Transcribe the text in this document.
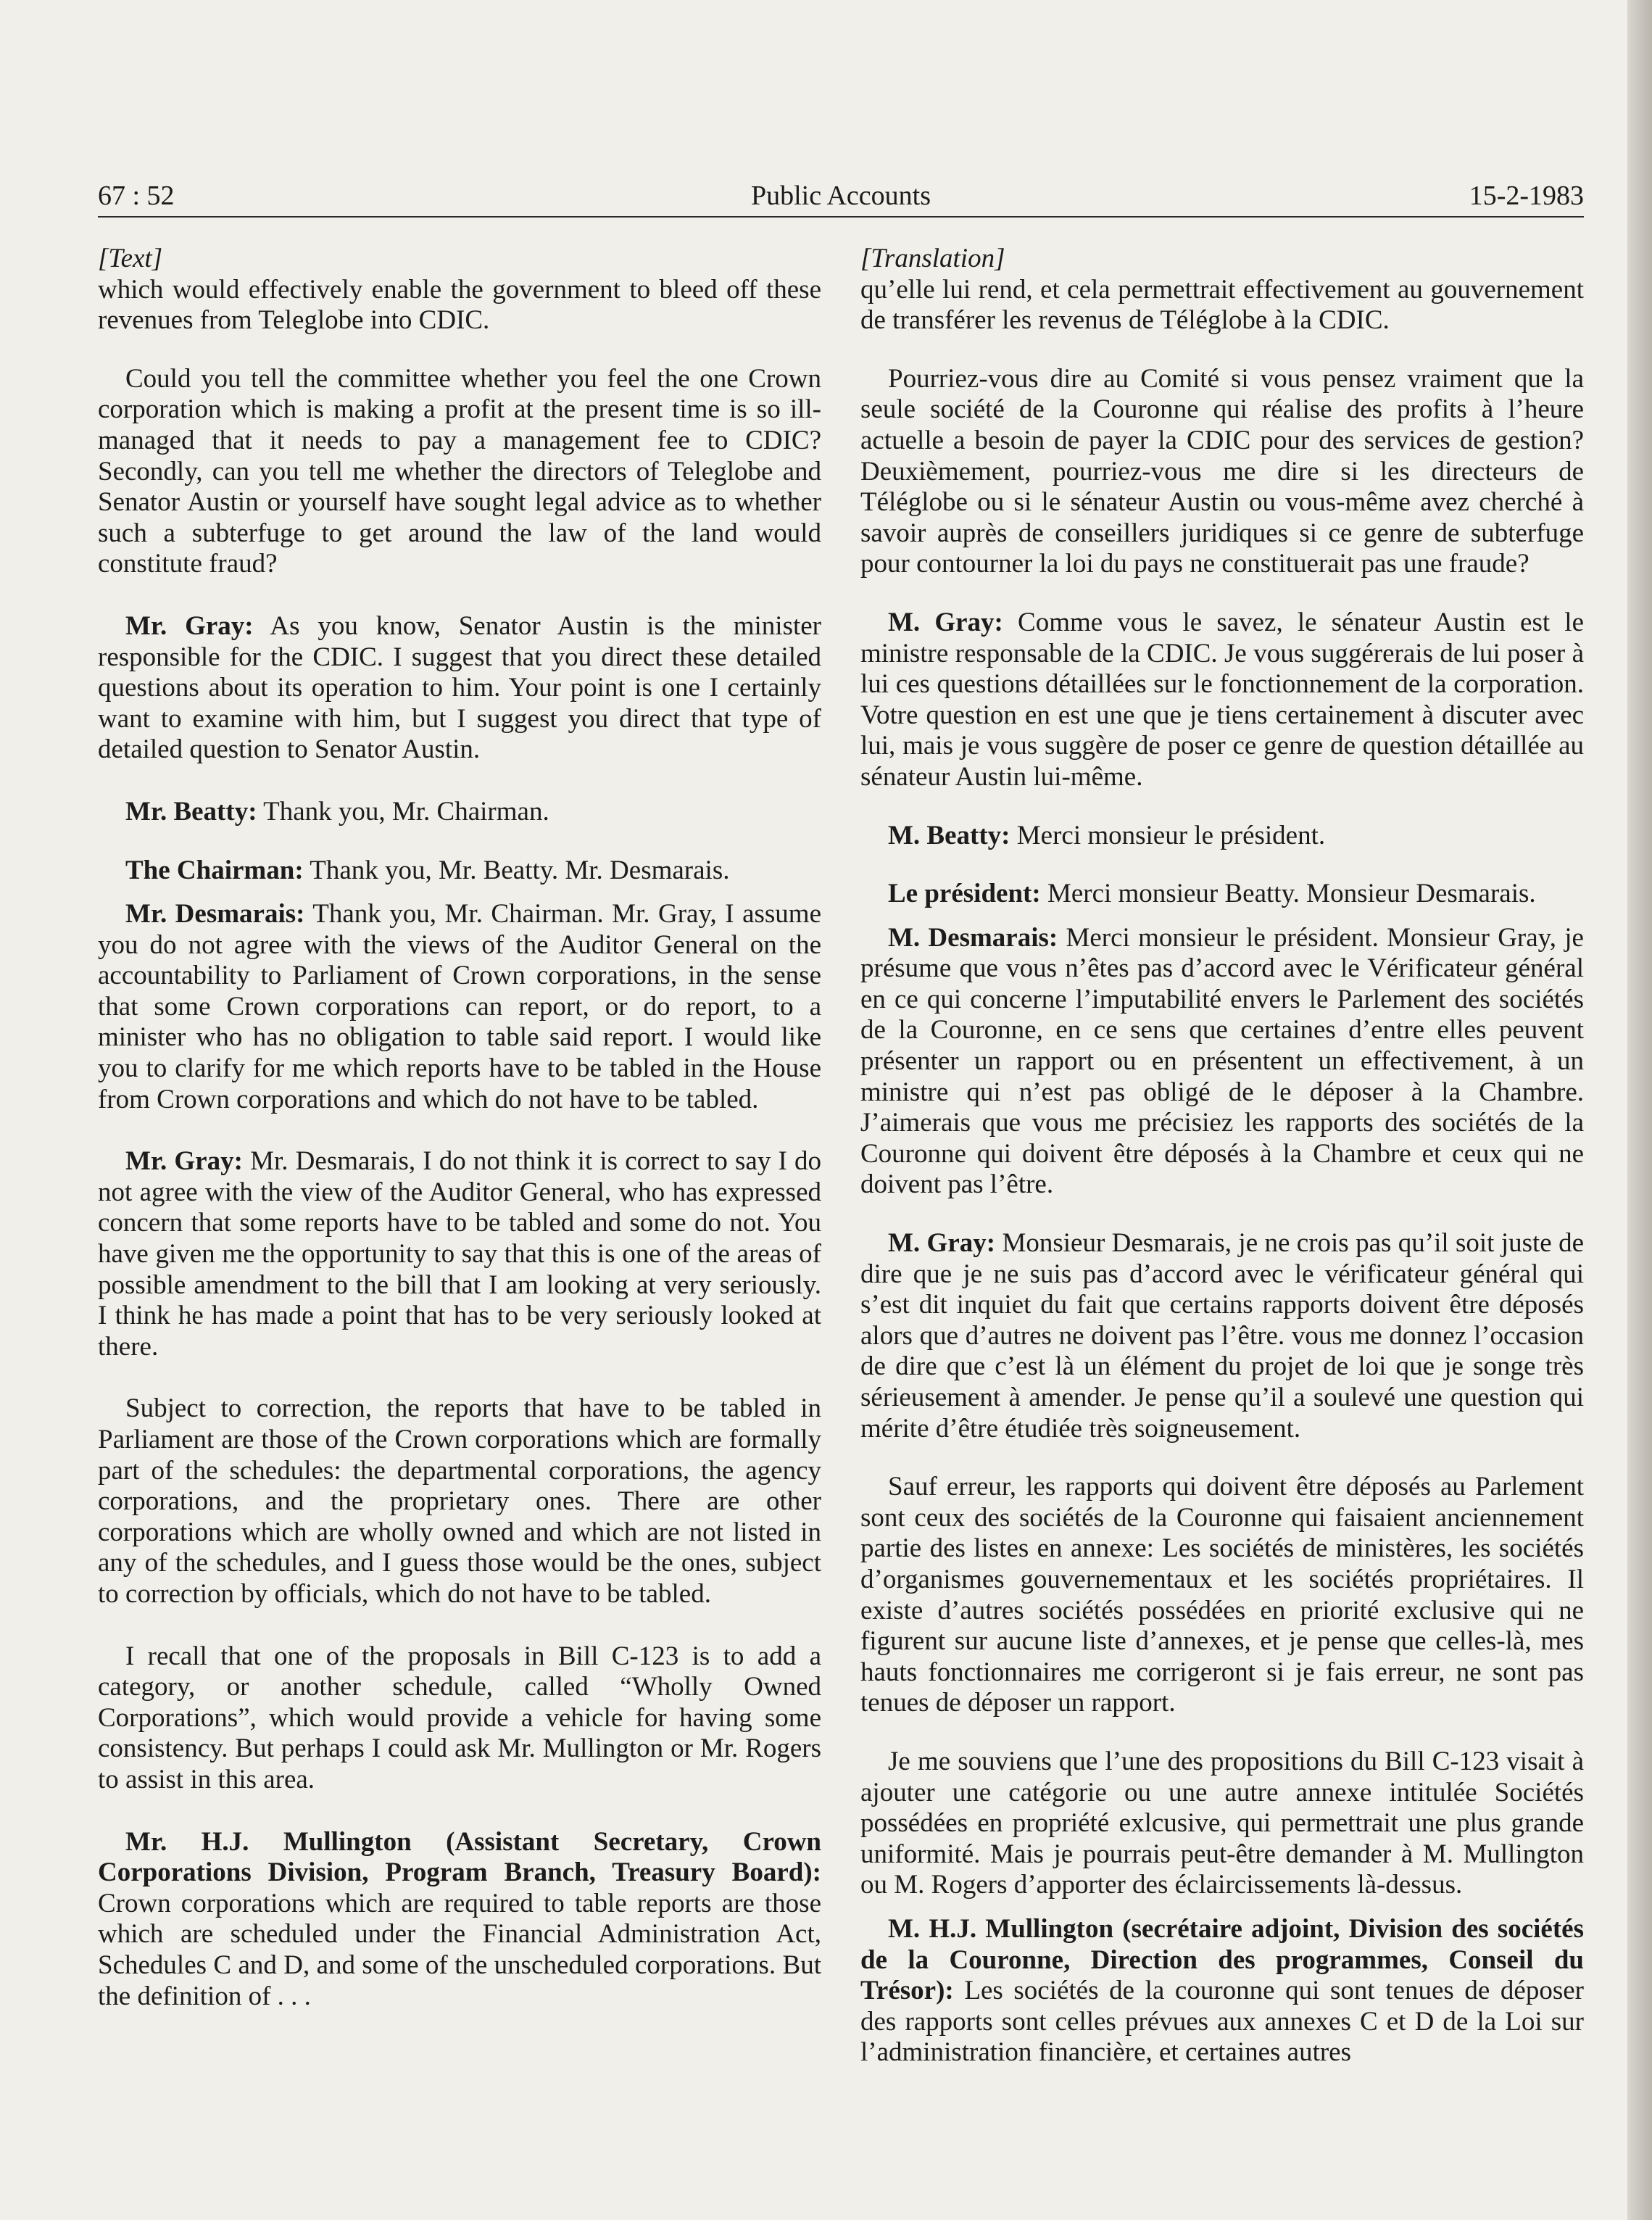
67 : 52	Public Accounts	15-2-1983

[Text]

which would effectively enable the government to bleed off these revenues from Teleglobe into CDIC.

Could you tell the committee whether you feel the one Crown corporation which is making a profit at the present time is so ill-managed that it needs to pay a management fee to CDIC? Secondly, can you tell me whether the directors of Teleglobe and Senator Austin or yourself have sought legal advice as to whether such a subterfuge to get around the law of the land would constitute fraud?

Mr. Gray: As you know, Senator Austin is the minister responsible for the CDIC. I suggest that you direct these detailed questions about its operation to him. Your point is one I certainly want to examine with him, but I suggest you direct that type of detailed question to Senator Austin.

Mr. Beatty: Thank you, Mr. Chairman.

The Chairman: Thank you, Mr. Beatty. Mr. Desmarais.

Mr. Desmarais: Thank you, Mr. Chairman. Mr. Gray, I assume you do not agree with the views of the Auditor General on the accountability to Parliament of Crown corporations, in the sense that some Crown corporations can report, or do report, to a minister who has no obligation to table said report. I would like you to clarify for me which reports have to be tabled in the House from Crown corporations and which do not have to be tabled.

Mr. Gray: Mr. Desmarais, I do not think it is correct to say I do not agree with the view of the Auditor General, who has expressed concern that some reports have to be tabled and some do not. You have given me the opportunity to say that this is one of the areas of possible amendment to the bill that I am looking at very seriously. I think he has made a point that has to be very seriously looked at there.

Subject to correction, the reports that have to be tabled in Parliament are those of the Crown corporations which are formally part of the schedules: the departmental corporations, the agency corporations, and the proprietary ones. There are other corporations which are wholly owned and which are not listed in any of the schedules, and I guess those would be the ones, subject to correction by officials, which do not have to be tabled.

I recall that one of the proposals in Bill C-123 is to add a category, or another schedule, called “Wholly Owned Corporations”, which would provide a vehicle for having some consistency. But perhaps I could ask Mr. Mullington or Mr. Rogers to assist in this area.

Mr. H.J. Mullington (Assistant Secretary, Crown Corporations Division, Program Branch, Treasury Board): Crown corporations which are required to table reports are those which are scheduled under the Financial Administration Act, Schedules C and D, and some of the unscheduled corporations. But the definition of . . .

[Translation]

qu’elle lui rend, et cela permettrait effectivement au gouvernement de transférer les revenus de Téléglobe à la CDIC.

Pourriez-vous dire au Comité si vous pensez vraiment que la seule société de la Couronne qui réalise des profits à l’heure actuelle a besoin de payer la CDIC pour des services de gestion? Deuxièmement, pourriez-vous me dire si les directeurs de Téléglobe ou si le sénateur Austin ou vous-même avez cherché à savoir auprès de conseillers juridiques si ce genre de subterfuge pour contourner la loi du pays ne constituerait pas une fraude?

M. Gray: Comme vous le savez, le sénateur Austin est le ministre responsable de la CDIC. Je vous suggérerais de lui poser à lui ces questions détaillées sur le fonctionnement de la corporation. Votre question en est une que je tiens certainement à discuter avec lui, mais je vous suggère de poser ce genre de question détaillée au sénateur Austin lui-même.

M. Beatty: Merci monsieur le président.

Le président: Merci monsieur Beatty. Monsieur Desmarais.

M. Desmarais: Merci monsieur le président. Monsieur Gray, je présume que vous n’êtes pas d’accord avec le Vérificateur général en ce qui concerne l’imputabilité envers le Parlement des sociétés de la Couronne, en ce sens que certaines d’entre elles peuvent présenter un rapport ou en présentent un effectivement, à un ministre qui n’est pas obligé de le déposer à la Chambre. J’aimerais que vous me précisiez les rapports des sociétés de la Couronne qui doivent être déposés à la Chambre et ceux qui ne doivent pas l’être.

M. Gray: Monsieur Desmarais, je ne crois pas qu’il soit juste de dire que je ne suis pas d’accord avec le vérificateur général qui s’est dit inquiet du fait que certains rapports doivent être déposés alors que d’autres ne doivent pas l’être. vous me donnez l’occasion de dire que c’est là un élément du projet de loi que je songe très sérieusement à amender. Je pense qu’il a soulevé une question qui mérite d’être étudiée très soigneusement.

Sauf erreur, les rapports qui doivent être déposés au Parlement sont ceux des sociétés de la Couronne qui faisaient anciennement partie des listes en annexe: Les sociétés de ministères, les sociétés d’organismes gouvernementaux et les sociétés propriétaires. Il existe d’autres sociétés possédées en priorité exclusive qui ne figurent sur aucune liste d’annexes, et je pense que celles-là, mes hauts fonctionnaires me corrigeront si je fais erreur, ne sont pas tenues de déposer un rapport.

Je me souviens que l’une des propositions du Bill C-123 visait à ajouter une catégorie ou une autre annexe intitulée Sociétés possédées en propriété exlcusive, qui permettrait une plus grande uniformité. Mais je pourrais peut-être demander à M. Mullington ou M. Rogers d’apporter des éclaircissements là-dessus.

M. H.J. Mullington (secrétaire adjoint, Division des sociétés de la Couronne, Direction des programmes, Conseil du Trésor): Les sociétés de la couronne qui sont tenues de déposer des rapports sont celles prévues aux annexes C et D de la Loi sur l’administration financière, et certaines autres
